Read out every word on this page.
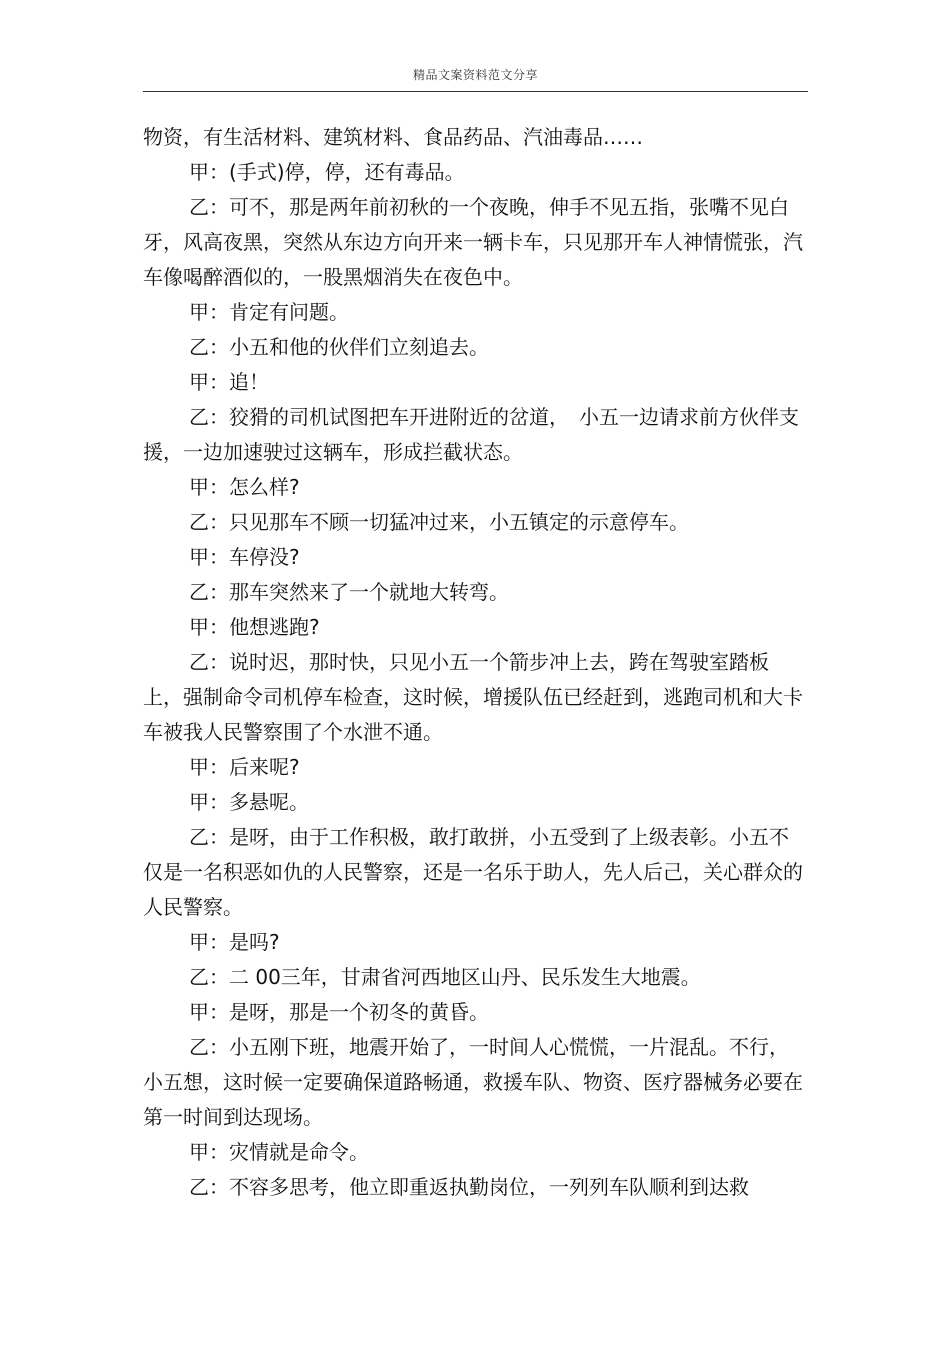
精品文案资料范文分享

物资，有生活材料、建筑材料、食品药品、汽油毒品……

甲：(手式)停，停，还有毒品。

乙：可不，那是两年前初秋的一个夜晚，伸手不见五指，张嘴不见白牙，风高夜黑，突然从东边方向开来一辆卡车，只见那开车人神情慌张，汽车像喝醉酒似的，一股黑烟消失在夜色中。

甲：肯定有问题。

乙：小五和他的伙伴们立刻追去。

甲：追！

乙：狡猾的司机试图把车开进附近的岔道，　小五一边请求前方伙伴支援，一边加速驶过这辆车，形成拦截状态。

甲：怎么样?

乙：只见那车不顾一切猛冲过来，小五镇定的示意停车。

甲：车停没?

乙：那车突然来了一个就地大转弯。

甲：他想逃跑?

乙：说时迟，那时快，只见小五一个箭步冲上去，跨在驾驶室踏板上，强制命令司机停车检查，这时候，增援队伍已经赶到，逃跑司机和大卡车被我人民警察围了个水泄不通。

甲：后来呢?

甲：多悬呢。

乙：是呀，由于工作积极，敢打敢拼，小五受到了上级表彰。小五不仅是一名积恶如仇的人民警察，还是一名乐于助人，先人后己，关心群众的人民警察。

甲：是吗?

乙：二 00三年，甘肃省河西地区山丹、民乐发生大地震。

甲：是呀，那是一个初冬的黄昏。

乙：小五刚下班，地震开始了，一时间人心慌慌，一片混乱。不行，小五想，这时候一定要确保道路畅通，救援车队、物资、医疗器械务必要在第一时间到达现场。

甲：灾情就是命令。

乙：不容多思考，他立即重返执勤岗位，一列列车队顺利到达救
